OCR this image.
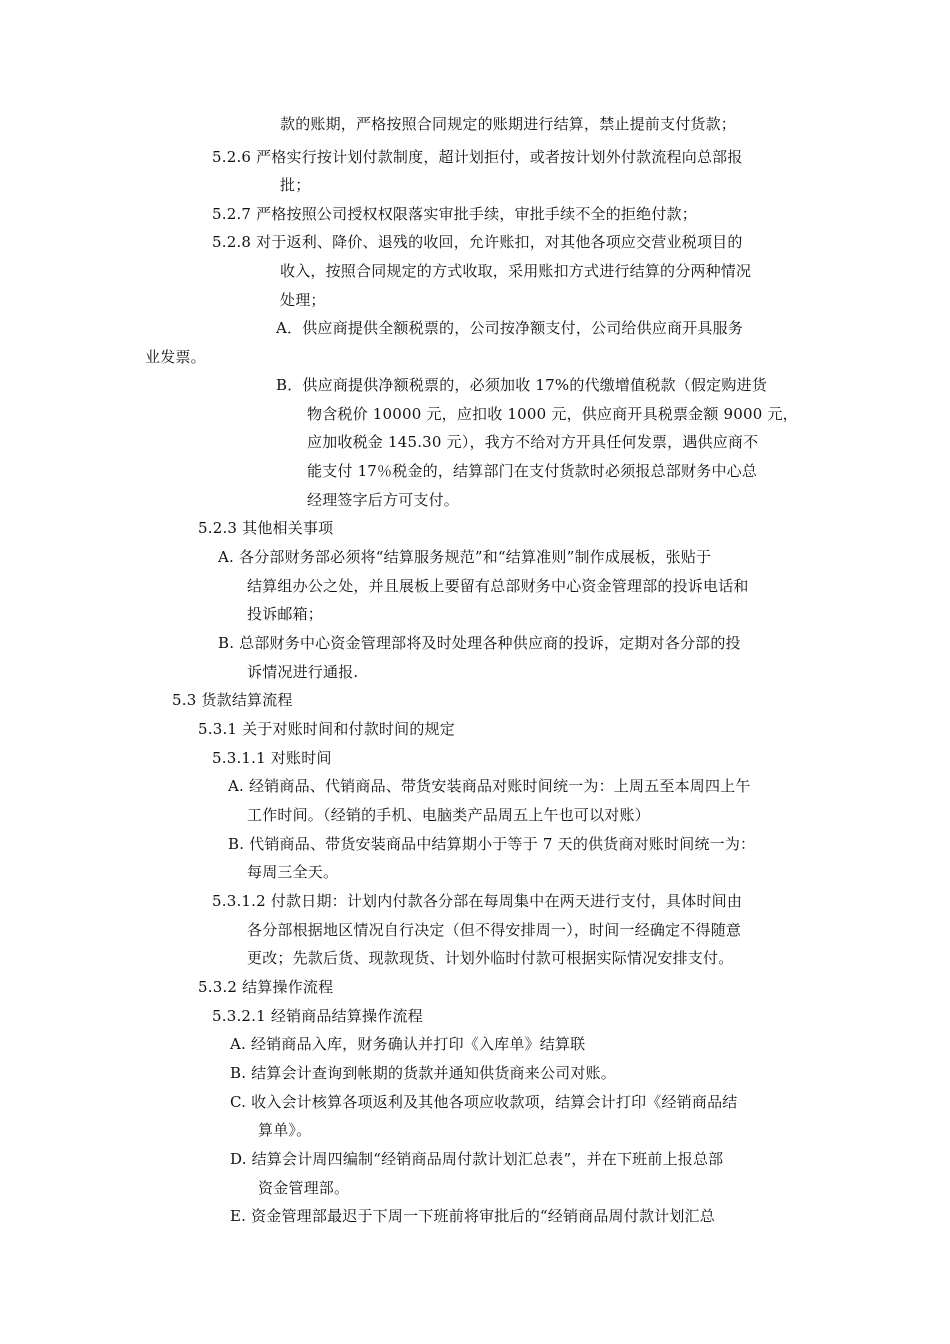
款的账期，严格按照合同规定的账期进行结算，禁止提前支付货款；
5.2.6 严格实行按计划付款制度，超计划拒付，或者按计划外付款流程向总部报
批；
5.2.7 严格按照公司授权权限落实审批手续，审批手续不全的拒绝付款；
5.2.8 对于返利、降价、退残的收回，允许账扣，对其他各项应交营业税项目的
收入，按照合同规定的方式收取，采用账扣方式进行结算的分两种情况
处理；
A．供应商提供全额税票的，公司按净额支付，公司给供应商开具服务
业发票。
B．供应商提供净额税票的，必须加收 17%的代缴增值税款（假定购进货
物含税价 10000 元，应扣收 1000 元，供应商开具税票金额 9000 元，
应加收税金 145.30 元），我方不给对方开具任何发票，遇供应商不
能支付 17％税金的，结算部门在支付货款时必须报总部财务中心总
经理签字后方可支付。
5.2.3 其他相关事项
A. 各分部财务部必须将“结算服务规范”和“结算准则”制作成展板，张贴于
结算组办公之处，并且展板上要留有总部财务中心资金管理部的投诉电话和
投诉邮箱；
B. 总部财务中心资金管理部将及时处理各种供应商的投诉，定期对各分部的投
诉情况进行通报.
5.3 货款结算流程
5.3.1 关于对账时间和付款时间的规定
5.3.1.1 对账时间
A. 经销商品、代销商品、带货安装商品对账时间统一为：上周五至本周四上午
工作时间。（经销的手机、电脑类产品周五上午也可以对账）
B. 代销商品、带货安装商品中结算期小于等于 7 天的供货商对账时间统一为：
每周三全天。
5.3.1.2 付款日期：计划内付款各分部在每周集中在两天进行支付，具体时间由
各分部根据地区情况自行决定（但不得安排周一），时间一经确定不得随意
更改；先款后货、现款现货、计划外临时付款可根据实际情况安排支付。
5.3.2 结算操作流程
5.3.2.1 经销商品结算操作流程
A. 经销商品入库，财务确认并打印《入库单》结算联
B. 结算会计查询到帐期的货款并通知供货商来公司对账。
C. 收入会计核算各项返利及其他各项应收款项，结算会计打印《经销商品结
算单》。
D. 结算会计周四编制“经销商品周付款计划汇总表”，并在下班前上报总部
资金管理部。
E. 资金管理部最迟于下周一下班前将审批后的“经销商品周付款计划汇总
